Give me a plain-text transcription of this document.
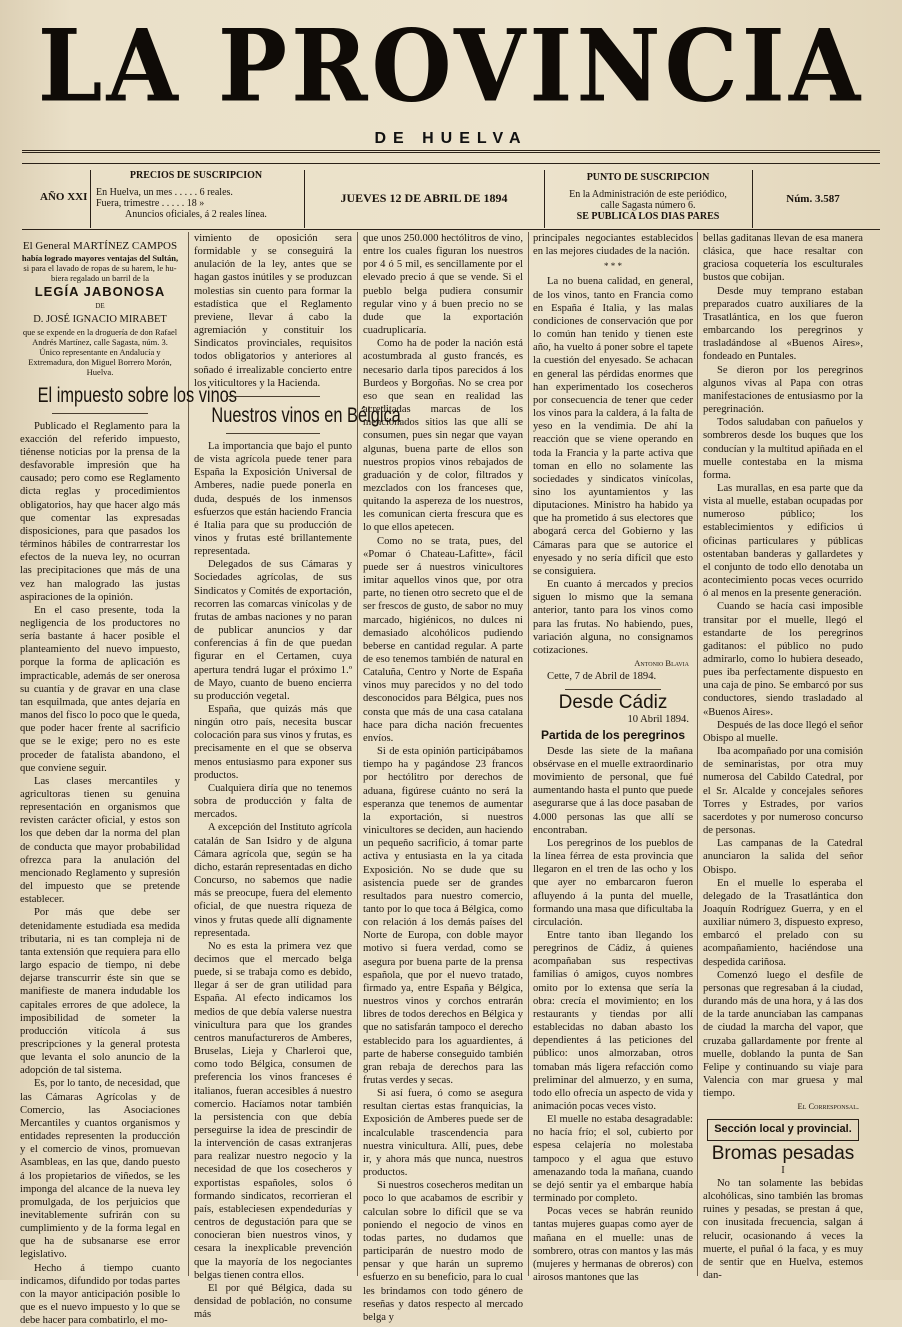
LA PROVINCIA
DE HUELVA
AÑO XXI
PRECIOS DE SUSCRIPCION
En Huelva, un mes . . . . . 6 reales.
Fuera, trimestre . . . . . 18 »
Anuncios oficiales, á 2 reales línea.
JUEVES 12 DE ABRIL DE 1894
PUNTO DE SUSCRIPCION
En la Administración de este periódico,
calle Sagasta número 6.
SE PUBLICA LOS DIAS PARES
Núm. 3.587
El General MARTÍNEZ CAMPOS
había logrado mayores ventajas del Sultán,
si para el lavado de ropas de su harem, le hu-
biera regalado un barril de la
LEGÍA JABONOSA
DE
D. JOSÉ IGNACIO MIRABET
que se expende en la droguería de don Rafael Andrés Martínez, calle Sagasta, núm. 3.
Único representante en Andalucía y Extremadura, don Miguel Borrero Morón, Huelva.
El impuesto sobre los vinos

Publicado el Reglamento para la exacción del referido impuesto, tiénense noticias por la prensa de la desfavorable impresión que ha causado; pero como ese Reglamento dicta reglas y procedimientos obligatorios, hay que hacer algo más que comentar las expresadas disposiciones, para que pasados los términos hábiles de contrarrestar los efectos de la nueva ley, no ocurran las precipitaciones que más de una vez han malogrado las justas aspiraciones de la opinión.

En el caso presente, toda la negligencia de los productores no sería bastante á hacer posible el planteamiento del nuevo impuesto, porque la forma de aplicación es impracticable, además de ser onerosa su cuantía y de gravar en una clase tan esquilmada, que antes dejaría en manos del fisco lo poco que le queda, que poder hacer frente al sacrificio que se le exige; pero no es este proceder de fatalista abandono, el que conviene seguir.

Las clases mercantiles y agricultoras tienen su genuina representación en organismos que revisten carácter oficial, y estos son los que deben dar la norma del plan de conducta que mayor probabilidad ofrezca para la anulación del mencionado Reglamento y supresión del impuesto que se pretende establecer.

Por más que debe ser detenidamente estudiada esa medida tributaria, ni es tan compleja ni de tanta extensión que requiera para ello largo espacio de tiempo, ni debe dejarse transcurrir éste sin que se manifieste de manera indudable los capitales errores de que adolece, la imposibilidad de someter la producción vitícola á sus prescripciones y la general protesta que levanta el solo anuncio de la adopción de tal sistema.

Es, por lo tanto, de necesidad, que las Cámaras Agrícolas y de Comercio, las Asociaciones Mercantiles y cuantos organismos y entidades representen la producción y el comercio de vinos, promuevan Asambleas, en las que, dando puesto á los propietarios de viñedos, se les imponga del alcance de la nueva ley promulgada, de los perjuicios que inevitablemente sufrirán con su cumplimiento y de la forma legal en que ha de subsanarse ese error legislativo.

Hecho á tiempo cuanto indicamos, difundido por todas partes con la mayor anticipación posible lo que es el nuevo impuesto y lo que se debe hacer para combatirlo, el mo-

vimiento de oposición sera formidable y se conseguirá la anulación de la ley, antes que se hagan gastos inútiles y se produzcan molestias sin cuento para formar la estadística que el Reglamento previene, llevar á cabo la agremiación y constituir los Sindicatos provinciales, requisitos todos obligatorios y anteriores al soñado é irrealizable concierto entre los viticultores y la Hacienda.

Nuestros vinos en Bélgica

La importancia que bajo el punto de vista agrícola puede tener para España la Exposición Universal de Amberes, nadie puede ponerla en duda, después de los inmensos esfuerzos que están haciendo Francia é Italia para que su producción de vinos y frutas esté brillantemente representada.

Delegados de sus Cámaras y Sociedades agrícolas, de sus Sindicatos y Comités de exportación, recorren las comarcas vinícolas y de frutas de ambas naciones y no paran de publicar anuncios y dar conferencias á fin de que puedan figurar en el Certamen, cuya apertura tendrá lugar el próximo 1.º de Mayo, cuanto de bueno encierra su producción vegetal.

España, que quizás más que ningún otro país, necesita buscar colocación para sus vinos y frutas, es precisamente en el que se observa menos entusiasmo para exponer sus productos.

Cualquiera diría que no tenemos sobra de producción y falta de mercados.

A excepción del Instituto agrícola catalán de San Isidro y de alguna Cámara agrícola que, según se ha dicho, estarán representadas en dicho Concurso, no sabemos que nadie más se preocupe, fuera del elemento oficial, de que nuestra riqueza de vinos y frutas quede allí dignamente representada.

No es esta la primera vez que decimos que el mercado belga puede, si se trabaja como es debido, llegar á ser de gran utilidad para España. Al efecto indicamos los medios de que debía valerse nuestra vinicultura para que los grandes centros manufactureros de Amberes, Bruselas, Lieja y Charleroi que, como todo Bélgica, consumen de preferencia los vinos franceses é italianos, fueran accesibles á nuestro comercio. Hacíamos notar también la persistencia con que debía perseguirse la idea de prescindir de la intervención de casas extranjeras para realizar nuestro negocio y la necesidad de que los cosecheros y exportistas españoles, solos ó formando sindicatos, recorrieran el país, estableciesen expendedurías y centros de degustación para que se conocieran bien nuestros vinos, y cesara la inexplicable prevención que la mayoría de los negociantes belgas tienen contra ellos.

El por qué Bélgica, dada su densidad de población, no consume más

que unos 250.000 hectólitros de vino, entre los cuales figuran los nuestros por 4 ó 5 mil, es sencillamente por el elevado precio á que se vende. Si el pueblo belga pudiera consumir regular vino y á buen precio no se dude que la exportación cuadruplicaría.

Como ha de poder la nación está acostumbrada al gusto francés, es necesario darla tipos parecidos á los Burdeos y Borgoñas. No se crea por eso que sean en realidad las acreditadas marcas de los mencionados sitios las que allí se consumen, pues sin negar que vayan algunas, buena parte de ellos son nuestros propios vinos rebajados de graduación y de color, filtrados y mezclados con los franceses que, quitando la aspereza de los nuestros, les comunican cierta frescura que es lo que ellos apetecen.

Como no se trata, pues, del «Pomar ó Chateau-Lafitte», fácil puede ser á nuestros vinicultores imitar aquellos vinos que, por otra parte, no tienen otro secreto que el de ser frescos de gusto, de sabor no muy marcado, higiénicos, no dulces ni demasiado alcohólicos pudiendo beberse en cantidad regular. A parte de eso tenemos también de natural en Cataluña, Centro y Norte de España vinos muy parecidos y no del todo desconocidos para Bélgica, pues nos consta que más de una casa catalana hace para dicha nación frecuentes envíos.

Si de esta opinión participábamos tiempo ha y pagándose 23 francos por hectólitro por derechos de aduana, figúrese cuánto no será la esperanza que tenemos de aumentar la exportación, si nuestros vinicultores se deciden, aun haciendo un pequeño sacrificio, á tomar parte activa y entusiasta en la ya citada Exposición. No se dude que su asistencia puede ser de grandes resultados para nuestro comercio, tanto por lo que toca á Bélgica, como con relación á los demás países del Norte de Europa, con doble mayor motivo si fuera verdad, como se asegura por buena parte de la prensa española, que por el nuevo tratado, firmado ya, entre España y Bélgica, nuestros vinos y corchos entrarán libres de todos derechos en Bélgica y que no satisfarán tampoco el derecho establecido para los aguardientes, á parte de haberse conseguido también gran rebaja de derechos para las frutas verdes y secas.

Si así fuera, ó como se asegura resultan ciertas estas franquicias, la Exposición de Amberes puede ser de incalculable trascendencia para nuestra vinicultura. Allí, pues, debe ir, y ahora más que nunca, nuestros productos.

Si nuestros cosecheros meditan un poco lo que acabamos de escribir y calculan sobre lo difícil que se va poniendo el negocio de vinos en todas partes, no dudamos que participarán de nuestro modo de pensar y que harán un supremo esfuerzo en su beneficio, para lo cual les brindamos con todo género de reseñas y datos respecto al mercado belga y

principales negociantes establecidos en las mejores ciudades de la nación.

* * *

La no buena calidad, en general, de los vinos, tanto en Francia como en España é Italia, y las malas condiciones de conservación que por lo común han tenido y tienen este año, ha vuelto á poner sobre el tapete la cuestión del enyesado. Se achacan en general las pérdidas enormes que han experimentado los cosecheros por consecuencia de tener que ceder los vinos para la caldera, á la falta de yeso en la vendimia. De ahí la reacción que se viene operando en toda la Francia y la parte activa que toman en ello no solamente las sociedades y sindicatos vinícolas, sino los ayuntamientos y las diputaciones. Ministro ha habido ya que ha prometido á sus electores que abogará cerca del Gobierno y las Cámaras para que se autorice el enyesado y no sería difícil que esto se consiguiera.

En cuanto á mercados y precios siguen lo mismo que la semana anterior, tanto para los vinos como para las frutas. No habiendo, pues, variación alguna, no consignamos cotizaciones.

Antonio Blavia
Cette, 7 de Abril de 1894.
Desde Cádiz
10 Abril 1894.
Partida de los peregrinos

Desde las siete de la mañana obsérvase en el muelle extraordinario movimiento de personal, que fué aumentando hasta el punto que puede asegurarse que á las doce pasaban de 4.000 personas las que allí se encontraban.

Los peregrinos de los pueblos de la línea férrea de esta provincia que llegaron en el tren de las ocho y los que ayer no embarcaron fueron afluyendo á la punta del muelle, formando una masa que dificultaba la circulación.

Entre tanto iban llegando los peregrinos de Cádiz, á quienes acompañaban sus respectivas familias ó amigos, cuyos nombres omito por lo extensa que sería la obra: crecía el movimiento; en los restaurants y tiendas por allí establecidas no daban abasto los dependientes á las peticiones del público: unos almorzaban, otros tomaban más ligera refacción como preliminar del almuerzo, y en suma, todo ello ofrecía un aspecto de vida y animación pocas veces visto.

El muelle no estaba desagradable: no hacía frío; el sol, cubierto por espesa celajería no molestaba tampoco y el agua que estuvo amenazando toda la mañana, cuando se dejó sentir ya el embarque había terminado por completo.

Pocas veces se habrán reunido tantas mujeres guapas como ayer de mañana en el muelle: unas de sombrero, otras con mantos y las más (mujeres y hermanas de obreros) con airosos mantones que las

bellas gaditanas llevan de esa manera clásica, que hace resaltar con graciosa coquetería los esculturales bustos que cobijan.

Desde muy temprano estaban preparados cuatro auxiliares de la Trasatlántica, en los que fueron embarcando los peregrinos y trasladándose al «Buenos Aires», fondeado en Puntales.

Se dieron por los peregrinos algunos vivas al Papa con otras manifestaciones de entusiasmo por la peregrinación.

Todos saludaban con pañuelos y sombreros desde los buques que los conducían y la multitud apiñada en el muelle contestaba en la misma forma.

Las murallas, en esa parte que da vista al muelle, estaban ocupadas por numeroso público; los establecimientos y edificios ú oficinas particulares y públicas ostentaban banderas y gallardetes y el conjunto de todo ello denotaba un acontecimiento pocas veces ocurrido ó al menos en la presente generación.

Cuando se hacía casi imposible transitar por el muelle, llegó el estandarte de los peregrinos gaditanos: el público no pudo admirarlo, como lo hubiera deseado, pues iba perfectamente dispuesto en una caja de pino. Se embarcó por sus conductores, siendo trasladado al «Buenos Aires».

Después de las doce llegó el señor Obispo al muelle.

Iba acompañado por una comisión de seminaristas, por otra muy numerosa del Cabildo Catedral, por el Sr. Alcalde y concejales señores Torres y Estrades, por varios sacerdotes y por numeroso concurso de personas.

Las campanas de la Catedral anunciaron la salida del señor Obispo.

En el muelle lo esperaba el delegado de la Trasatlántica don Joaquín Rodríguez Guerra, y en el auxiliar número 3, dispuesto expreso, embarcó el prelado con su acompañamiento, haciéndose una despedida cariñosa.

Comenzó luego el desfile de personas que regresaban á la ciudad, durando más de una hora, y á las dos de la tarde anunciaban las campanas de ciudad la marcha del vapor, que cruzaba gallardamente por frente al muelle, doblando la punta de San Felipe y continuando su viaje para Valencia con mar gruesa y mal tiempo.

El Corresponsal.
Sección local y provincial.
Bromas pesadas
I

No tan solamente las bebidas alcohólicas, sino también las bromas ruines y pesadas, se prestan á que, con inusitada frecuencia, salgan á relucir, ocasionando á veces la muerte, el puñal ó la faca, y es muy de sentir que en Huelva, estemos dan-
